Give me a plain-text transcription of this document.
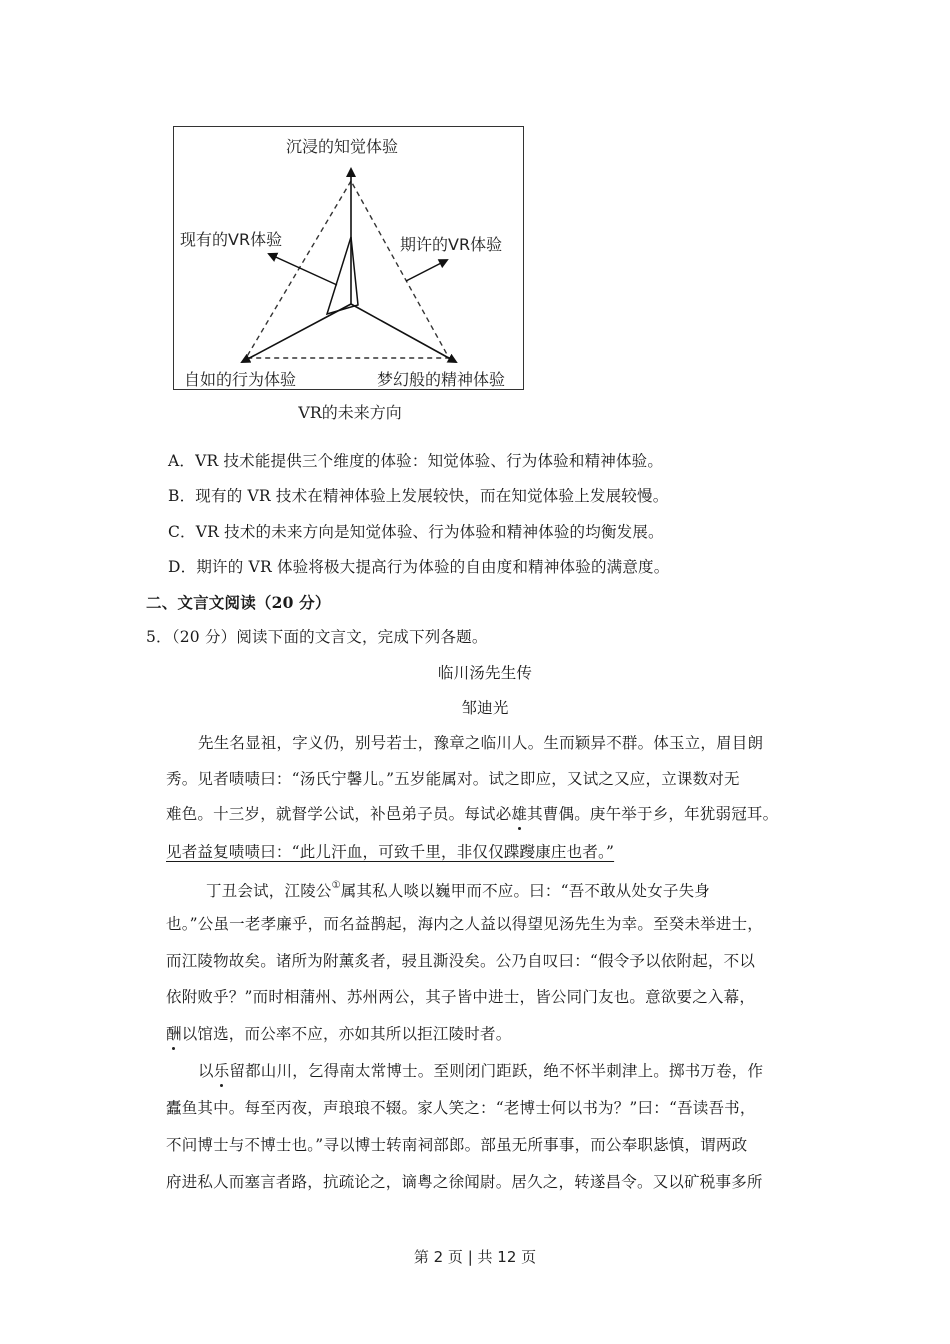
沉浸的知觉体验
现有的VR体验	期许的VR体验
自如的行为体验	梦幻般的精神体验
VR的未来方向
A．VR 技术能提供三个维度的体验：知觉体验、行为体验和精神体验。
B．现有的 VR 技术在精神体验上发展较快，而在知觉体验上发展较慢。
C．VR 技术的未来方向是知觉体验、行为体验和精神体验的均衡发展。
D．期许的 VR 体验将极大提高行为体验的自由度和精神体验的满意度。
二、文言文阅读（20 分）
5．（20 分）阅读下面的文言文，完成下列各题。
临川汤先生传
邹迪光
先生名显祖，字义仍，别号若士，豫章之临川人。生而颖异不群。体玉立，眉目朗
秀。见者啧啧曰：“汤氏宁馨儿。”五岁能属对。试之即应，又试之又应，立课数对无
难色。十三岁，就督学公试，补邑弟子员。每试必雄其曹偶。庚午举于乡，年犹弱冠耳。
见者益复啧啧曰：“此儿汗血，可致千里，非仅仅蹀躞康庄也者。”
丁丑会试，江陵公①属其私人啖以巍甲而不应。曰：“吾不敢从处女子失身
也。”公虽一老孝廉乎，而名益鹊起，海内之人益以得望见汤先生为幸。至癸未举进士，
而江陵物故矣。诸所为附薰炙者，骎且澌没矣。公乃自叹曰：“假令予以依附起，不以
依附败乎？”而时相蒲州、苏州两公，其子皆中进士，皆公同门友也。意欲要之入幕，
酬以馆选，而公率不应，亦如其所以拒江陵时者。
以乐留都山川，乞得南太常博士。至则闭门距跃，绝不怀半刺津上。掷书万卷，作
蠹鱼其中。每至丙夜，声琅琅不辍。家人笑之：“老博士何以书为？”曰：“吾读吾书，
不问博士与不博士也。”寻以博士转南祠部郎。部虽无所事事，而公奉职毖慎，谓两政
府进私人而塞言者路，抗疏论之，谪粤之徐闻尉。居久之，转遂昌令。又以矿税事多所
第 2 页 | 共 12 页
